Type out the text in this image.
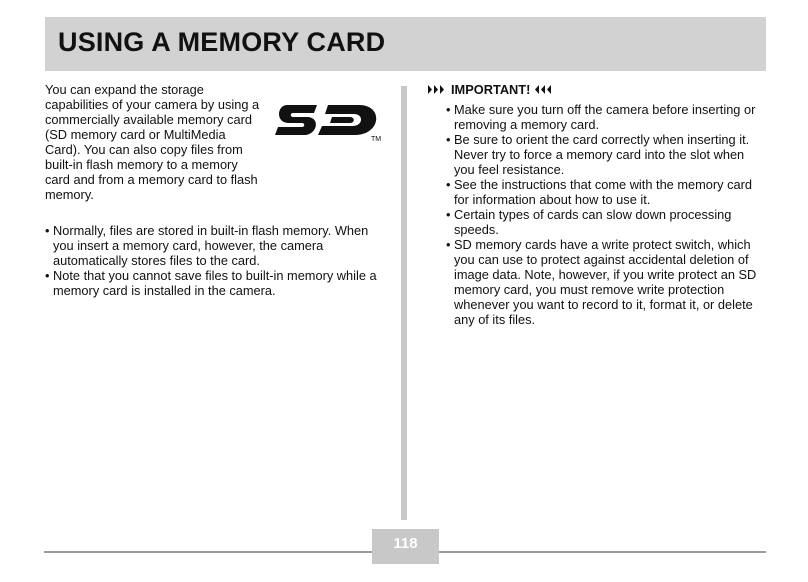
USING A MEMORY CARD

You can expand the storage capabilities of your camera by using a commercially available memory card (SD memory card or MultiMedia Card). You can also copy files from built-in flash memory to a memory card and from a memory card to flash memory.

TM
• Normally, files are stored in built-in flash memory. When you insert a memory card, however, the camera automatically stores files to the card.
• Note that you cannot save files to built-in memory while a memory card is installed in the camera.
IMPORTANT!
• Make sure you turn off the camera before inserting or removing a memory card.
• Be sure to orient the card correctly when inserting it. Never try to force a memory card into the slot when you feel resistance.
• See the instructions that come with the memory card for information about how to use it.
• Certain types of cards can slow down processing speeds.
• SD memory cards have a write protect switch, which you can use to protect against accidental deletion of image data. Note, however, if you write protect an SD memory card, you must remove write protection whenever you want to record to it, format it, or delete any of its files.
118
